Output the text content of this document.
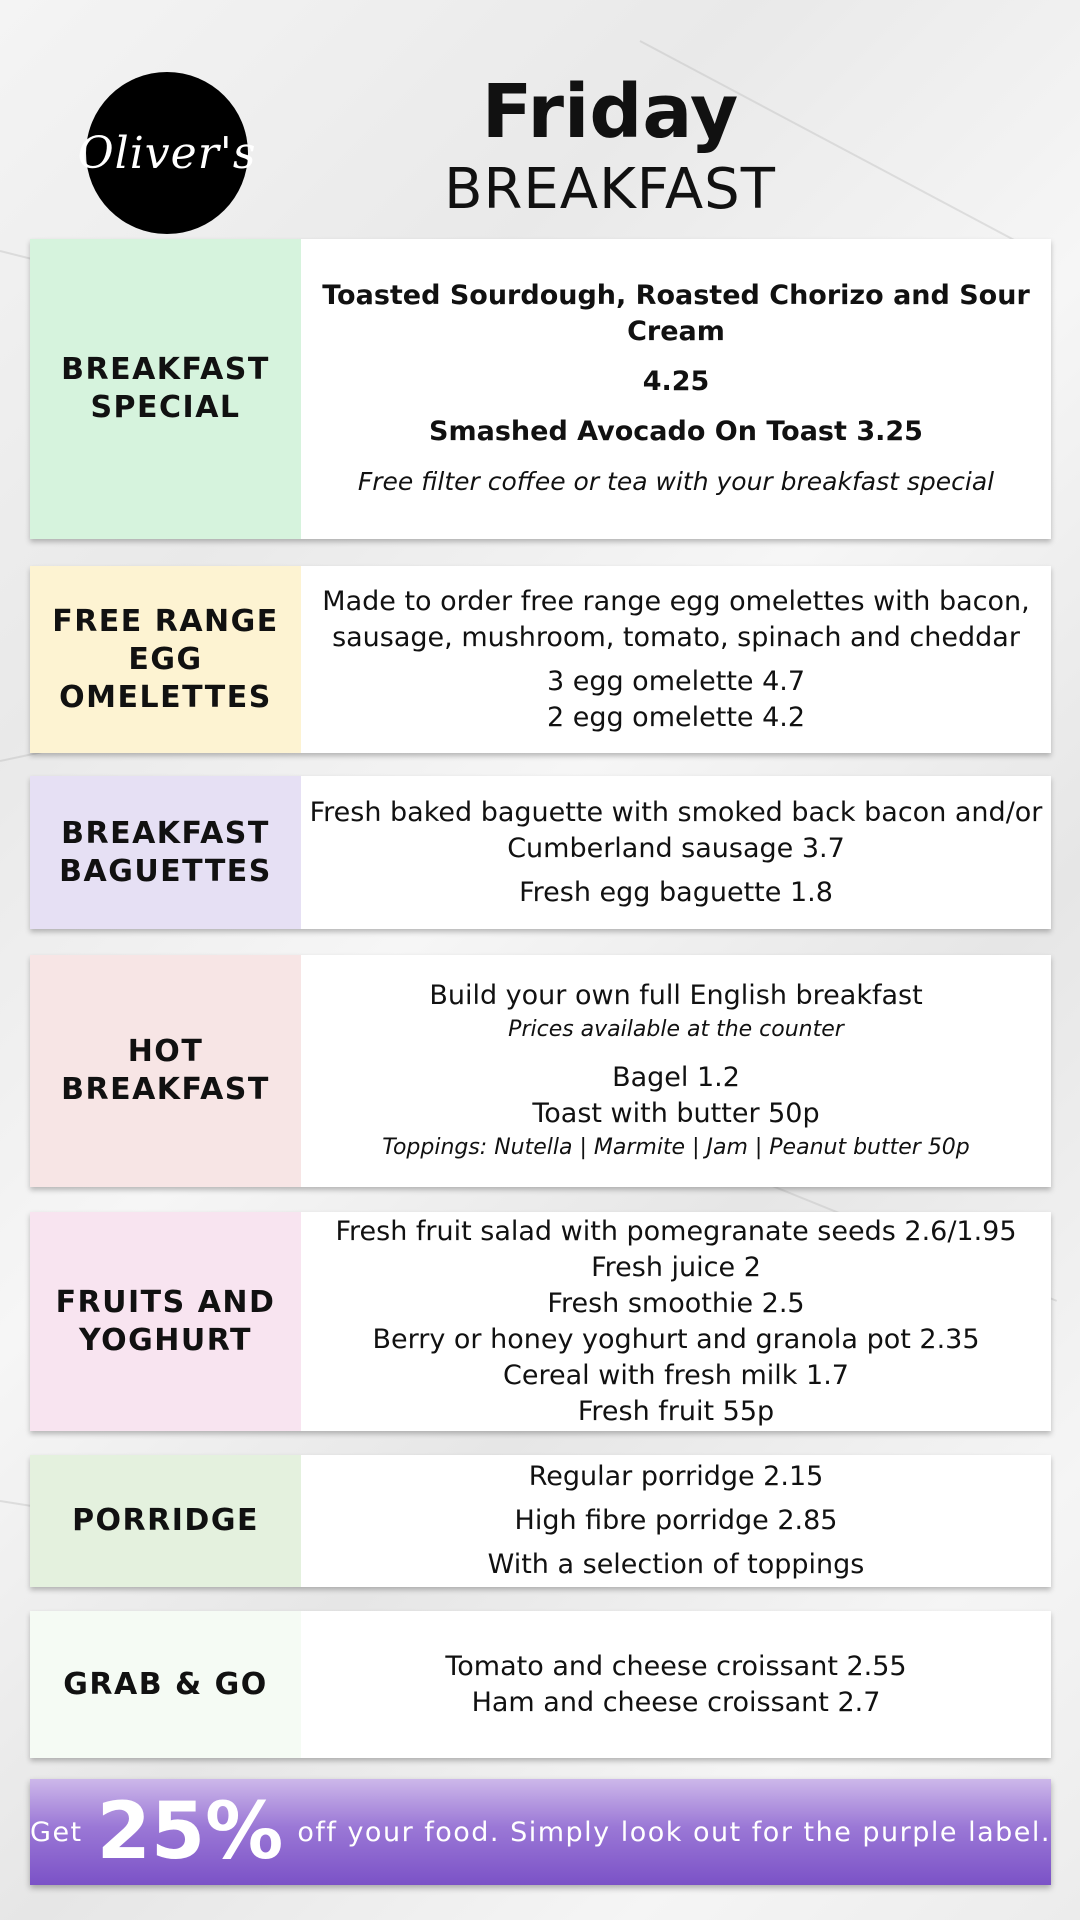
Oliver's	Friday
BREAKFAST
BREAKFAST
SPECIAL
Toasted Sourdough, Roasted Chorizo and Sour Cream
4.25
Smashed Avocado On Toast 3.25
Free filter coffee or tea with your breakfast special
FREE RANGE
EGG
OMELETTES
Made to order free range egg omelettes with bacon,
sausage, mushroom, tomato, spinach and cheddar
3 egg omelette 4.7
2 egg omelette 4.2
BREAKFAST
BAGUETTES
Fresh baked baguette with smoked back bacon and/or
Cumberland sausage 3.7
Fresh egg baguette 1.8
HOT
BREAKFAST
Build your own full English breakfast
Prices available at the counter
Bagel 1.2
Toast with butter 50p
Toppings: Nutella | Marmite | Jam | Peanut butter 50p
FRUITS AND
YOGHURT
Fresh fruit salad with pomegranate seeds 2.6/1.95
Fresh juice 2
Fresh smoothie 2.5
Berry or honey yoghurt and granola pot 2.35
Cereal with fresh milk 1.7
Fresh fruit 55p
PORRIDGE
Regular porridge 2.15
High fibre porridge 2.85
With a selection of toppings
GRAB & GO
Tomato and cheese croissant 2.55
Ham and cheese croissant 2.7
Get 25% off your food. Simply look out for the purple label.
